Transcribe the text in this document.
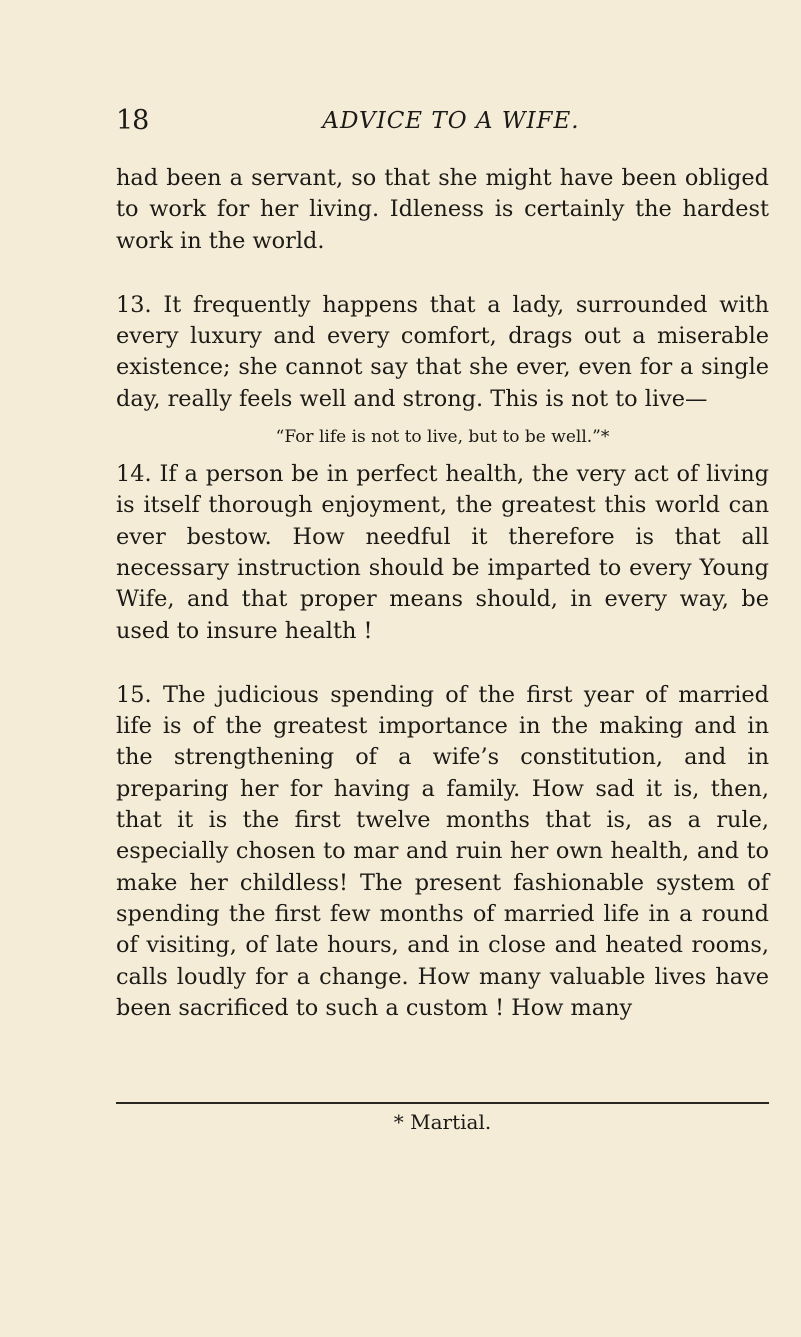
18	ADVICE TO A WIFE.

had been a servant, so that she might have been obliged to work for her living. Idleness is certainly the hardest work in the world.

13. It frequently happens that a lady, surrounded with every luxury and every comfort, drags out a miserable existence; she cannot say that she ever, even for a single day, really feels well and strong. This is not to live—

“For life is not to live, but to be well.”*

14. If a person be in perfect health, the very act of living is itself thorough enjoyment, the greatest this world can ever bestow. How needful it therefore is that all necessary instruction should be imparted to every Young Wife, and that proper means should, in every way, be used to insure health !

15. The judicious spending of the first year of married life is of the greatest importance in the making and in the strengthening of a wife’s constitution, and in preparing her for having a family. How sad it is, then, that it is the first twelve months that is, as a rule, especially chosen to mar and ruin her own health, and to make her childless! The present fashionable system of spending the first few months of married life in a round of visiting, of late hours, and in close and heated rooms, calls loudly for a change. How many valuable lives have been sacrificed to such a custom ! How many

* Martial.
